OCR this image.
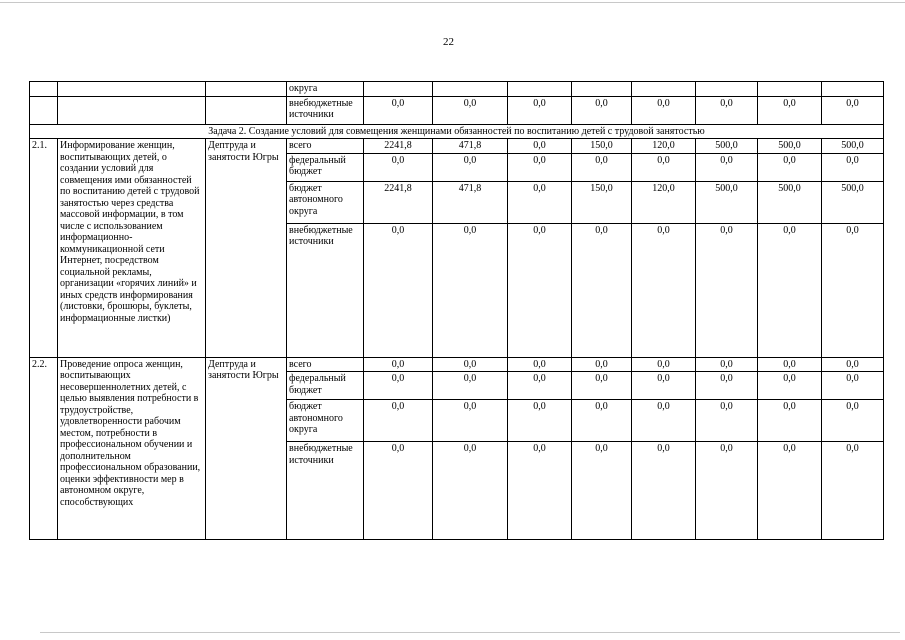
22
			округа								
			внебюджетные источники	0,0	0,0	0,0	0,0	0,0	0,0	0,0	0,0
Задача 2. Создание условий для совмещения женщинами обязанностей по воспитанию детей с трудовой занятостью											
2.1.	Информирование женщин, воспитывающих детей, о создании условий для совмещения ими обязанностей по воспитанию детей с трудовой занятостью через средства массовой информации, в том числе с использованием информационно-коммуникационной сети Интернет, посредством социальной рекламы, организации «горячих линий» и иных средств информирования (листовки, брошюры, буклеты, информационные листки)	Дептруда и занятости Югры	всего	2241,8	471,8	0,0	150,0	120,0	500,0	500,0	500,0
			федеральный бюджет	0,0	0,0	0,0	0,0	0,0	0,0	0,0	0,0
			бюджет автономного округа	2241,8	471,8	0,0	150,0	120,0	500,0	500,0	500,0
			внебюджетные источники	0,0	0,0	0,0	0,0	0,0	0,0	0,0	0,0
2.2.	Проведение опроса женщин, воспитывающих несовершеннолетних детей, с целью выявления потребности в трудоустройстве, удовлетворенности рабочим местом, потребности в профессиональном обучении и дополнительном профессиональном образовании, оценки эффективности мер в автономном округе, способствующих	Дептруда и занятости Югры	всего	0,0	0,0	0,0	0,0	0,0	0,0	0,0	0,0
			федеральный бюджет	0,0	0,0	0,0	0,0	0,0	0,0	0,0	0,0
			бюджет автономного округа	0,0	0,0	0,0	0,0	0,0	0,0	0,0	0,0
			внебюджетные источники	0,0	0,0	0,0	0,0	0,0	0,0	0,0	0,0
